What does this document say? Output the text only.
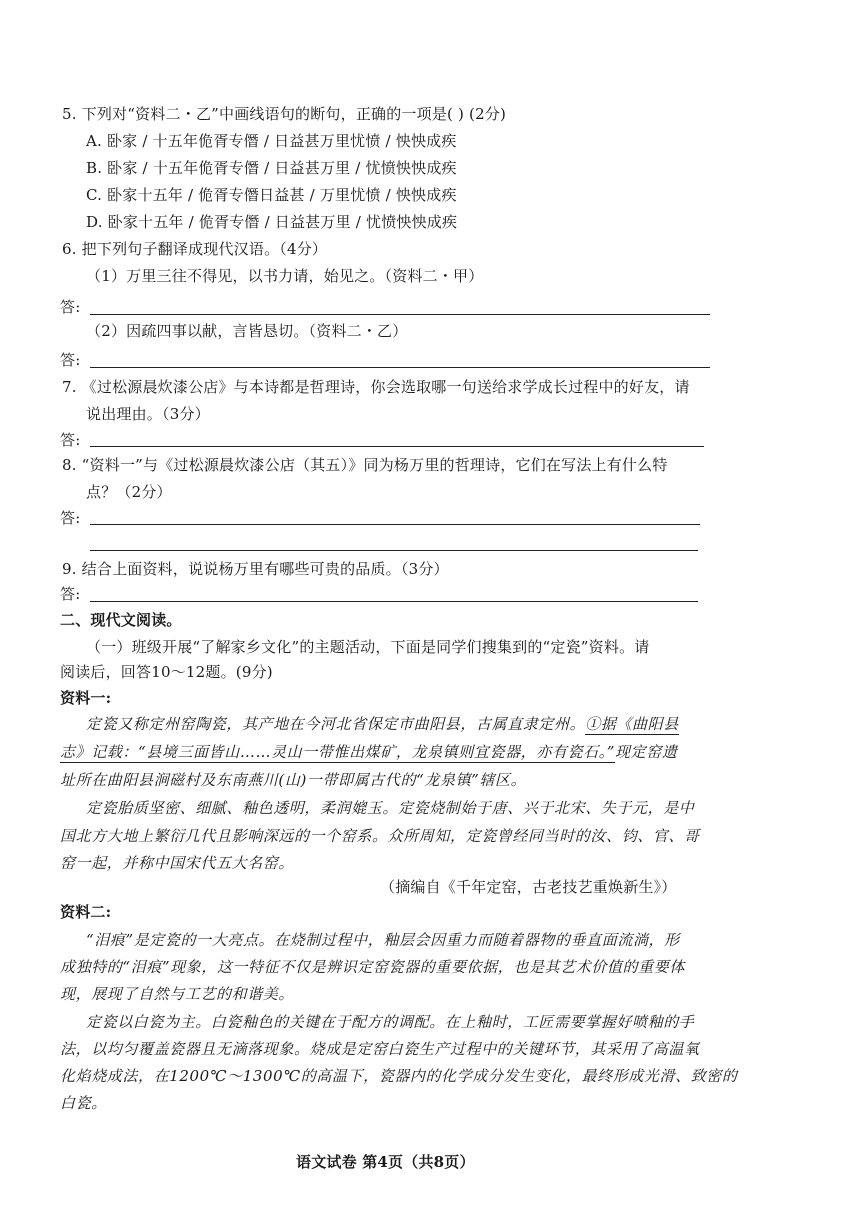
5. 下列对“资料二・乙”中画线语句的断句，正确的一项是( ) (2分)
A. 卧家 / 十五年佹胥专僭 / 日益甚万里忧愤 / 怏怏成疾
B. 卧家 / 十五年佹胥专僭 / 日益甚万里 / 忧愤怏怏成疾
C. 卧家十五年 / 佹胥专僭日益甚 / 万里忧愤 / 怏怏成疾
D. 卧家十五年 / 佹胥专僭 / 日益甚万里 / 忧愤怏怏成疾
6. 把下列句子翻译成现代汉语。（4分）
（1）万里三往不得见，以书力请，始见之。（资料二・甲）
答:
（2）因疏四事以献，言皆恳切。（资料二・乙）
答:
7. 《过松源晨炊漆公店》与本诗都是哲理诗，你会选取哪一句送给求学成长过程中的好友，请
说出理由。（3分）
答:
8. “资料一”与《过松源晨炊漆公店（其五）》同为杨万里的哲理诗，它们在写法上有什么特
点？（2分）
答:
9. 结合上面资料，说说杨万里有哪些可贵的品质。（3分）
答:
二、现代文阅读。
（一）班级开展“了解家乡文化”的主题活动，下面是同学们搜集到的“定瓷”资料。请
阅读后，回答10～12题。(9分)
资料一:
定瓷又称定州窑陶瓷，其产地在今河北省保定市曲阳县，古属直隶定州。①据《曲阳县
志》记载：“县境三面皆山……灵山一带惟出煤矿，龙泉镇则宜瓷器，亦有瓷石。”现定窑遗
址所在曲阳县涧磁村及东南燕川(山)一带即属古代的“龙泉镇”辖区。
定瓷胎质坚密、细腻、釉色透明，柔润媲玉。定瓷烧制始于唐、兴于北宋、失于元，是中
国北方大地上繁衍几代且影响深远的一个窑系。众所周知，定瓷曾经同当时的汝、钧、官、哥
窑一起，并称中国宋代五大名窑。
（摘编自《千年定窑，古老技艺重焕新生》）
资料二:
“泪痕”是定瓷的一大亮点。在烧制过程中，釉层会因重力而随着器物的垂直面流淌，形
成独特的“泪痕”现象，这一特征不仅是辨识定窑瓷器的重要依据，也是其艺术价值的重要体
现，展现了自然与工艺的和谐美。
定瓷以白瓷为主。白瓷釉色的关键在于配方的调配。在上釉时，工匠需要掌握好喷釉的手
法，以均匀覆盖瓷器且无滴落现象。烧成是定窑白瓷生产过程中的关键环节，其采用了高温氧
化焰烧成法，在1200℃～1300℃的高温下，瓷器内的化学成分发生变化，最终形成光滑、致密的
白瓷。
语文试卷 第4页（共8页）
